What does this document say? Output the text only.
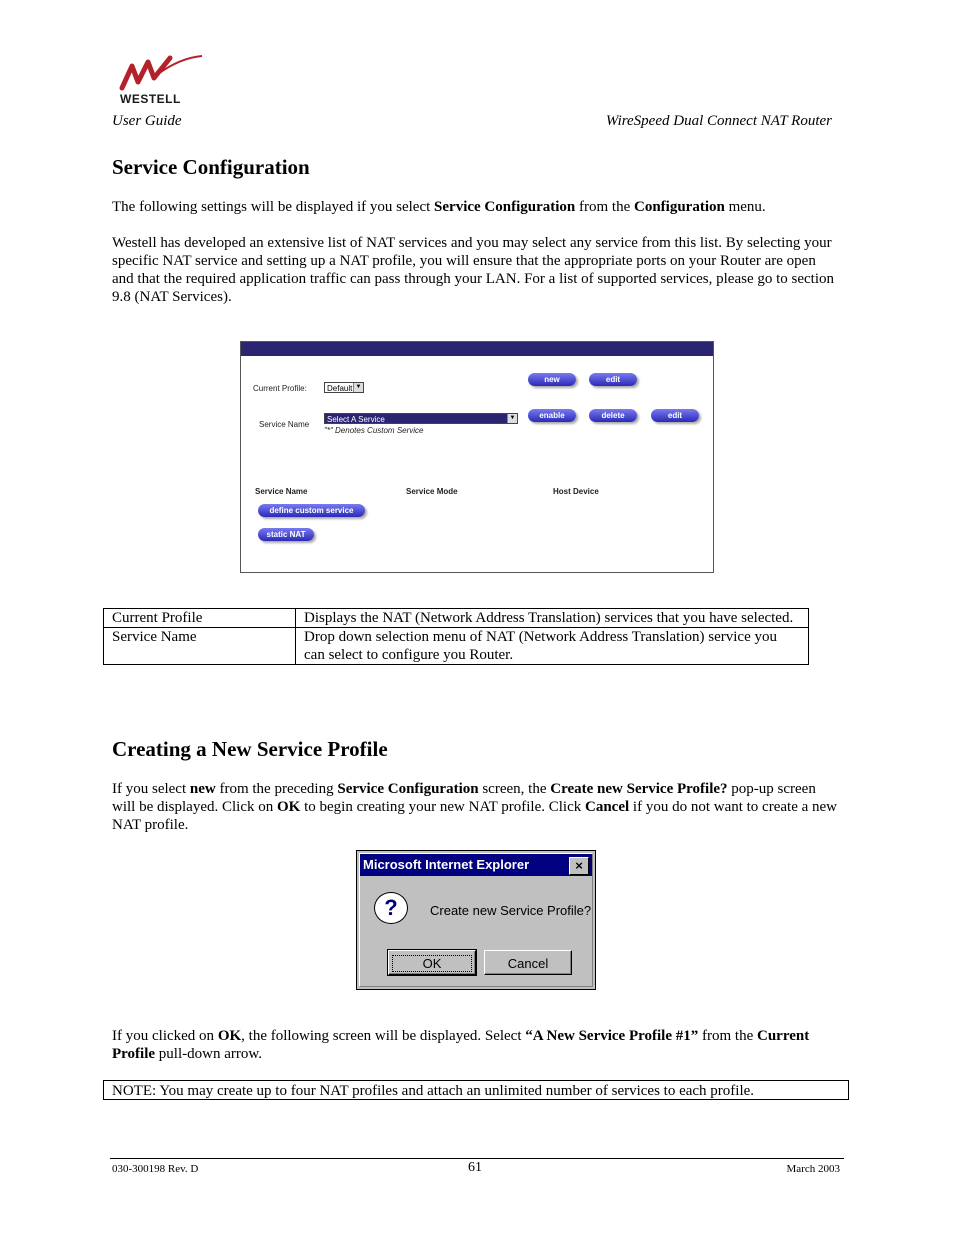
WESTELL
User Guide	WireSpeed Dual Connect NAT Router
Service Configuration
The following settings will be displayed if you select Service Configuration from the Configuration menu.
Westell has developed an extensive list of NAT services and you may select any service from this list. By selecting your specific NAT service and setting up a NAT profile, you will ensure that the appropriate ports on your Router are open and that the required application traffic can pass through your LAN. For a list of supported services, please go to section 9.8 (NAT Services).
Current Profile:	Default ▼
Service Name
Select A Service	▼
"*" Denotes Custom Service
new	edit
enable	delete	edit
Service Name	Service Mode	Host Device
define custom service
static NAT
Current Profile	Displays the NAT (Network Address Translation) services that you have selected.
Service Name	Drop down selection menu of NAT (Network Address Translation) service you can select to configure you Router.
Creating a New Service Profile
If you select new from the preceding Service Configuration screen, the Create new Service Profile? pop-up screen will be displayed. Click on OK to begin creating your new NAT profile. Click Cancel if you do not want to create a new NAT profile.
Microsoft Internet Explorer	×
?	Create new Service Profile?
OK	Cancel
If you clicked on OK, the following screen will be displayed. Select “A New Service Profile #1” from the Current Profile pull-down arrow.
NOTE: You may create up to four NAT profiles and attach an unlimited number of services to each profile.
030-300198 Rev. D	61	March 2003
